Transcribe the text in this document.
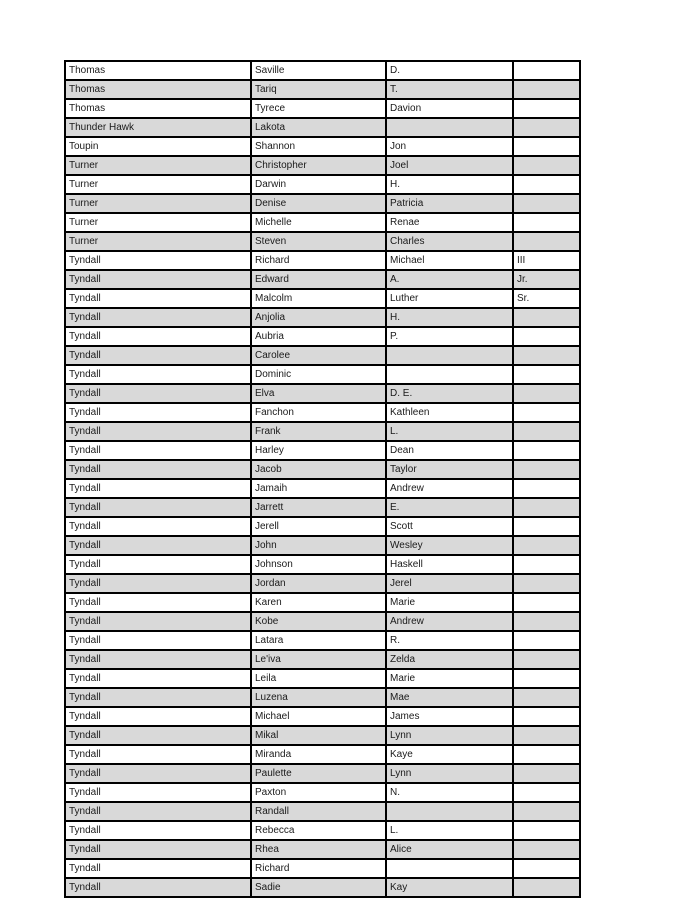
Thomas	Saville	D.	
Thomas	Tariq	T.	
Thomas	Tyrece	Davion	
Thunder Hawk	Lakota		
Toupin	Shannon	Jon	
Turner	Christopher	Joel	
Turner	Darwin	H.	
Turner	Denise	Patricia	
Turner	Michelle	Renae	
Turner	Steven	Charles	
Tyndall	Richard	Michael	III
Tyndall	Edward	A.	Jr.
Tyndall	Malcolm	Luther	Sr.
Tyndall	Anjolia	H.	
Tyndall	Aubria	P.	
Tyndall	Carolee		
Tyndall	Dominic		
Tyndall	Elva	D. E.	
Tyndall	Fanchon	Kathleen	
Tyndall	Frank	L.	
Tyndall	Harley	Dean	
Tyndall	Jacob	Taylor	
Tyndall	Jamaih	Andrew	
Tyndall	Jarrett	E.	
Tyndall	Jerell	Scott	
Tyndall	John	Wesley	
Tyndall	Johnson	Haskell	
Tyndall	Jordan	Jerel	
Tyndall	Karen	Marie	
Tyndall	Kobe	Andrew	
Tyndall	Latara	R.	
Tyndall	Le'iva	Zelda	
Tyndall	Leila	Marie	
Tyndall	Luzena	Mae	
Tyndall	Michael	James	
Tyndall	Mikal	Lynn	
Tyndall	Miranda	Kaye	
Tyndall	Paulette	Lynn	
Tyndall	Paxton	N.	
Tyndall	Randall		
Tyndall	Rebecca	L.	
Tyndall	Rhea	Alice	
Tyndall	Richard		
Tyndall	Sadie	Kay	
